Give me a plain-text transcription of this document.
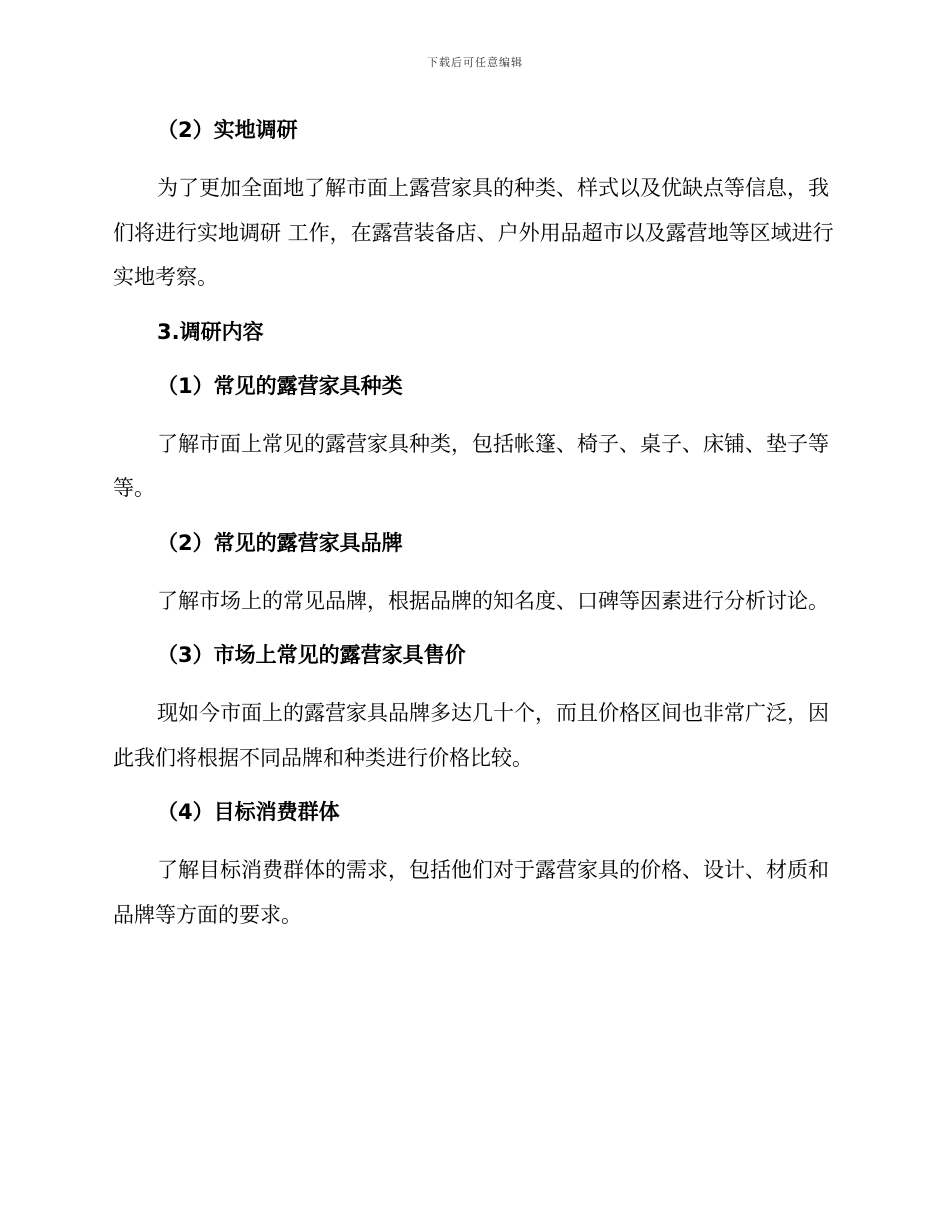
下载后可任意编辑

（2）实地调研

为了更加全面地了解市面上露营家具的种类、样式以及优缺点等信息，我们将进行实地调研 工作，在露营装备店、户外用品超市以及露营地等区域进行实地考察。

3.调研内容

（1）常见的露营家具种类

了解市面上常见的露营家具种类，包括帐篷、椅子、桌子、床铺、垫子等等。

（2）常见的露营家具品牌

了解市场上的常见品牌，根据品牌的知名度、口碑等因素进行分析讨论。

（3）市场上常见的露营家具售价

现如今市面上的露营家具品牌多达几十个，而且价格区间也非常广泛，因此我们将根据不同品牌和种类进行价格比较。

（4）目标消费群体

了解目标消费群体的需求，包括他们对于露营家具的价格、设计、材质和品牌等方面的要求。
